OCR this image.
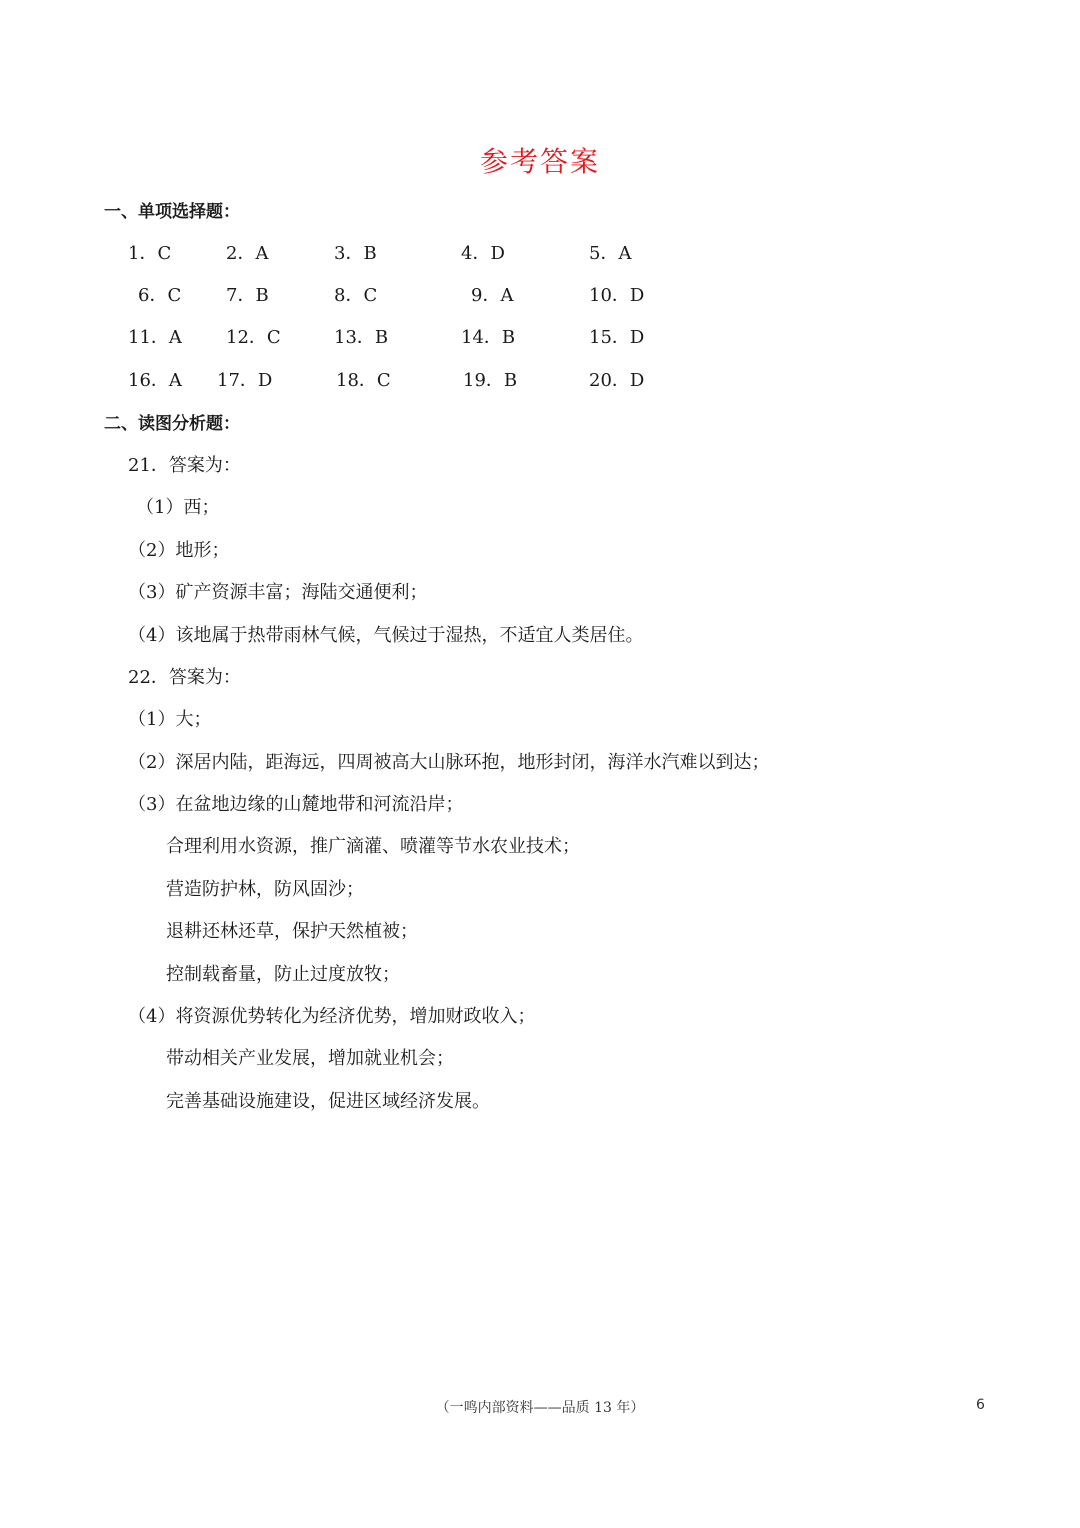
参考答案
一、单项选择题：
1．C	2．A	3．B	4．D	5．A
6．C 7．B	8．C	9．A	10．D
11．A 12．C	13．B	14．B	15．D
16．A 17．D	18．C	19．B	20．D
二、读图分析题：
21．答案为：
（1）西；
（2）地形；
（3）矿产资源丰富；海陆交通便利；
（4）该地属于热带雨林气候，气候过于湿热，不适宜人类居住。
22．答案为：
（1）大；
（2）深居内陆，距海远，四周被高大山脉环抱，地形封闭，海洋水汽难以到达；
（3）在盆地边缘的山麓地带和河流沿岸；
合理利用水资源，推广滴灌、喷灌等节水农业技术；
营造防护林，防风固沙；
退耕还林还草，保护天然植被；
控制载畜量，防止过度放牧；
（4）将资源优势转化为经济优势，增加财政收入；
带动相关产业发展，增加就业机会；
完善基础设施建设，促进区域经济发展。
（一鸣内部资料——品质 13 年）	6
